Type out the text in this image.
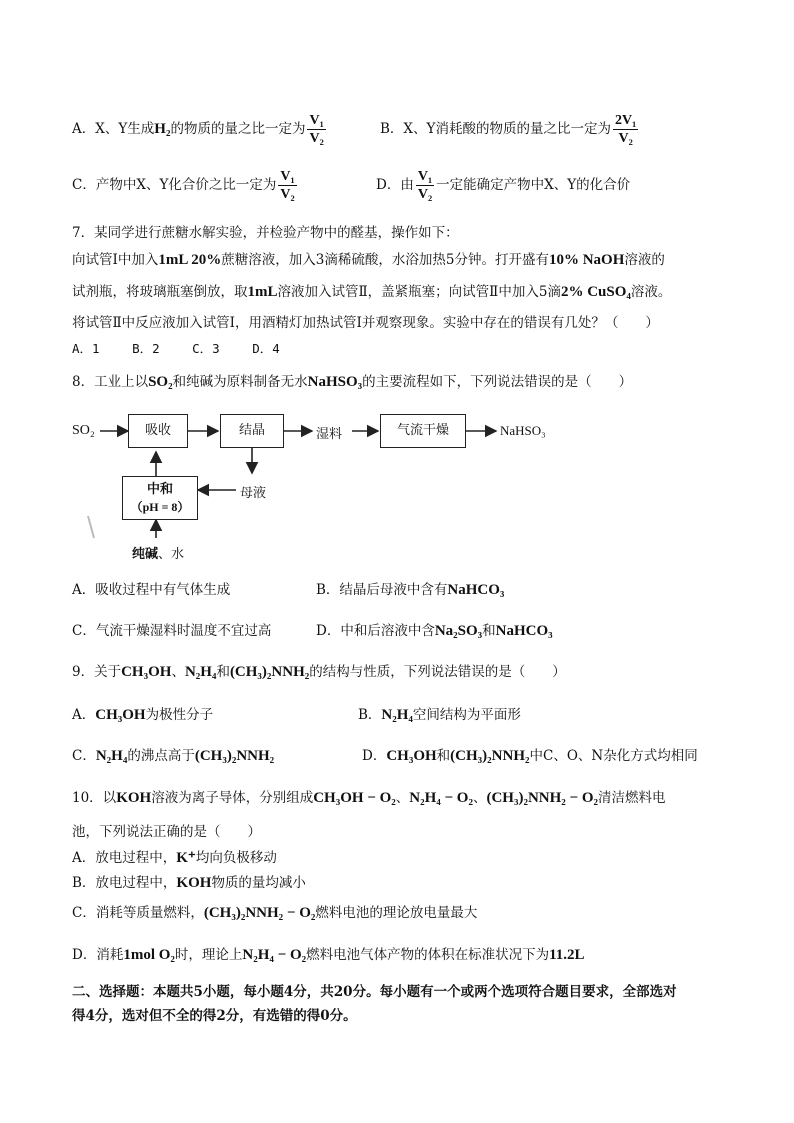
A．X、Y生成H₂的物质的量之比一定为 $\frac{\text{V₁}}{\text{V₂}}$	B．X、Y消耗酸的物质的量之比一定为 $\frac{\text{2V₁}}{\text{V₂}}$
C．产物中X、Y化合价之比一定为 $\frac{\text{V₁}}{\text{V₂}}$	D．由 $\frac{\text{V₁}}{\text{V₂}}$ 一定能确定产物中X、Y的化合价
7．某同学进行蔗糖水解实验，并检验产物中的醛基，操作如下：
向试管Ⅰ中加入1mL 20%蔗糖溶液，加入3滴稀硫酸，水浴加热5分钟。打开盛有10% NaOH溶液的
试剂瓶，将玻璃瓶塞倒放，取1mL溶液加入试管Ⅱ，盖紧瓶塞；向试管Ⅱ中加入5滴2% CuSO₄溶液。
将试管Ⅱ中反应液加入试管Ⅰ，用酒精灯加热试管Ⅰ并观察现象。实验中存在的错误有几处？（　　）
A．1　　 B．2　　 C．3　　 D．4
8．工业上以SO₂和纯碱为原料制备无水NaHSO₃的主要流程如下，下列说法错误的是（　　）
SO₂	吸收	结晶	湿料	气流干燥	NaHSO₃
母液
中和
（pH = 8）
纯碱、水
A．吸收过程中有气体生成	B．结晶后母液中含有NaHCO₃
C．气流干燥湿料时温度不宜过高	D．中和后溶液中含Na₂SO₃和NaHCO₃
9．关于CH₃OH、N₂H₄和(CH₃)₂NNH₂的结构与性质，下列说法错误的是（　　）
A．CH₃OH为极性分子	B．N₂H₄空间结构为平面形
C．N₂H₄的沸点高于(CH₃)₂NNH₂	D．CH₃OH和(CH₃)₂NNH₂中C、O、N杂化方式均相同
10．以KOH溶液为离子导体，分别组成CH₃OH − O₂、N₂H₄ − O₂、(CH₃)₂NNH₂ − O₂清洁燃料电
池，下列说法正确的是（　　）
A．放电过程中，K⁺均向负极移动
B．放电过程中，KOH物质的量均减小
C．消耗等质量燃料，(CH₃)₂NNH₂ − O₂燃料电池的理论放电量最大
D．消耗1mol O₂时，理论上N₂H₄ − O₂燃料电池气体产物的体积在标准状况下为11.2L
二、选择题：本题共5小题，每小题4分，共20分。每小题有一个或两个选项符合题目要求，全部选对
得4分，选对但不全的得2分，有选错的得0分。
